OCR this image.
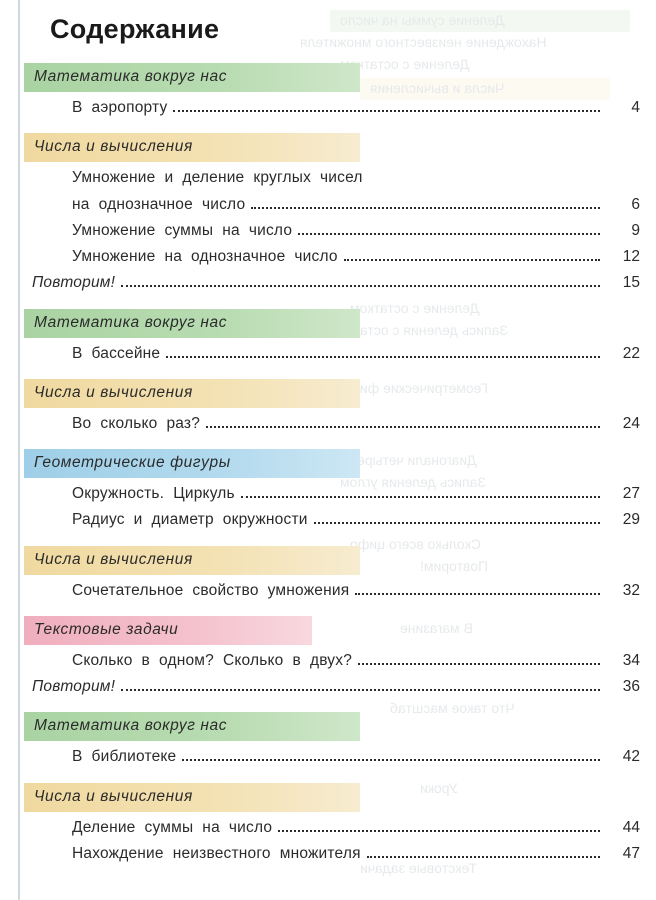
Деление суммы на число
Нахождение неизвестного множителя
Деление с остатком
Числа и вычисления
Деление с остатком
Запись деления с остатком
Геометрические фигуры
Диагонали четырёх
Запись деления углом
Сколько всего цифр
Повторим!
В магазине
Что такое масштаб
Уроки
Текстовые задачи
Содержание
Математика вокруг нас
В  аэропорту	4
Числа и вычисления
Умножение  и  деление  круглых  чисел
на  однозначное  число	6
Умножение  суммы  на  число	9
Умножение  на  однозначное  число	12
Повторим!	15
Математика вокруг нас
В  бассейне	22
Числа и вычисления
Во  сколько  раз?	24
Геометрические фигуры
Окружность.  Циркуль	27
Радиус  и  диаметр  окружности	29
Числа и вычисления
Сочетательное  свойство  умножения	32
Текстовые задачи
Сколько  в  одном?  Сколько  в  двух?	34
Повторим!	36
Математика вокруг нас
В  библиотеке	42
Числа и вычисления
Деление  суммы  на  число	44
Нахождение  неизвестного  множителя	47
